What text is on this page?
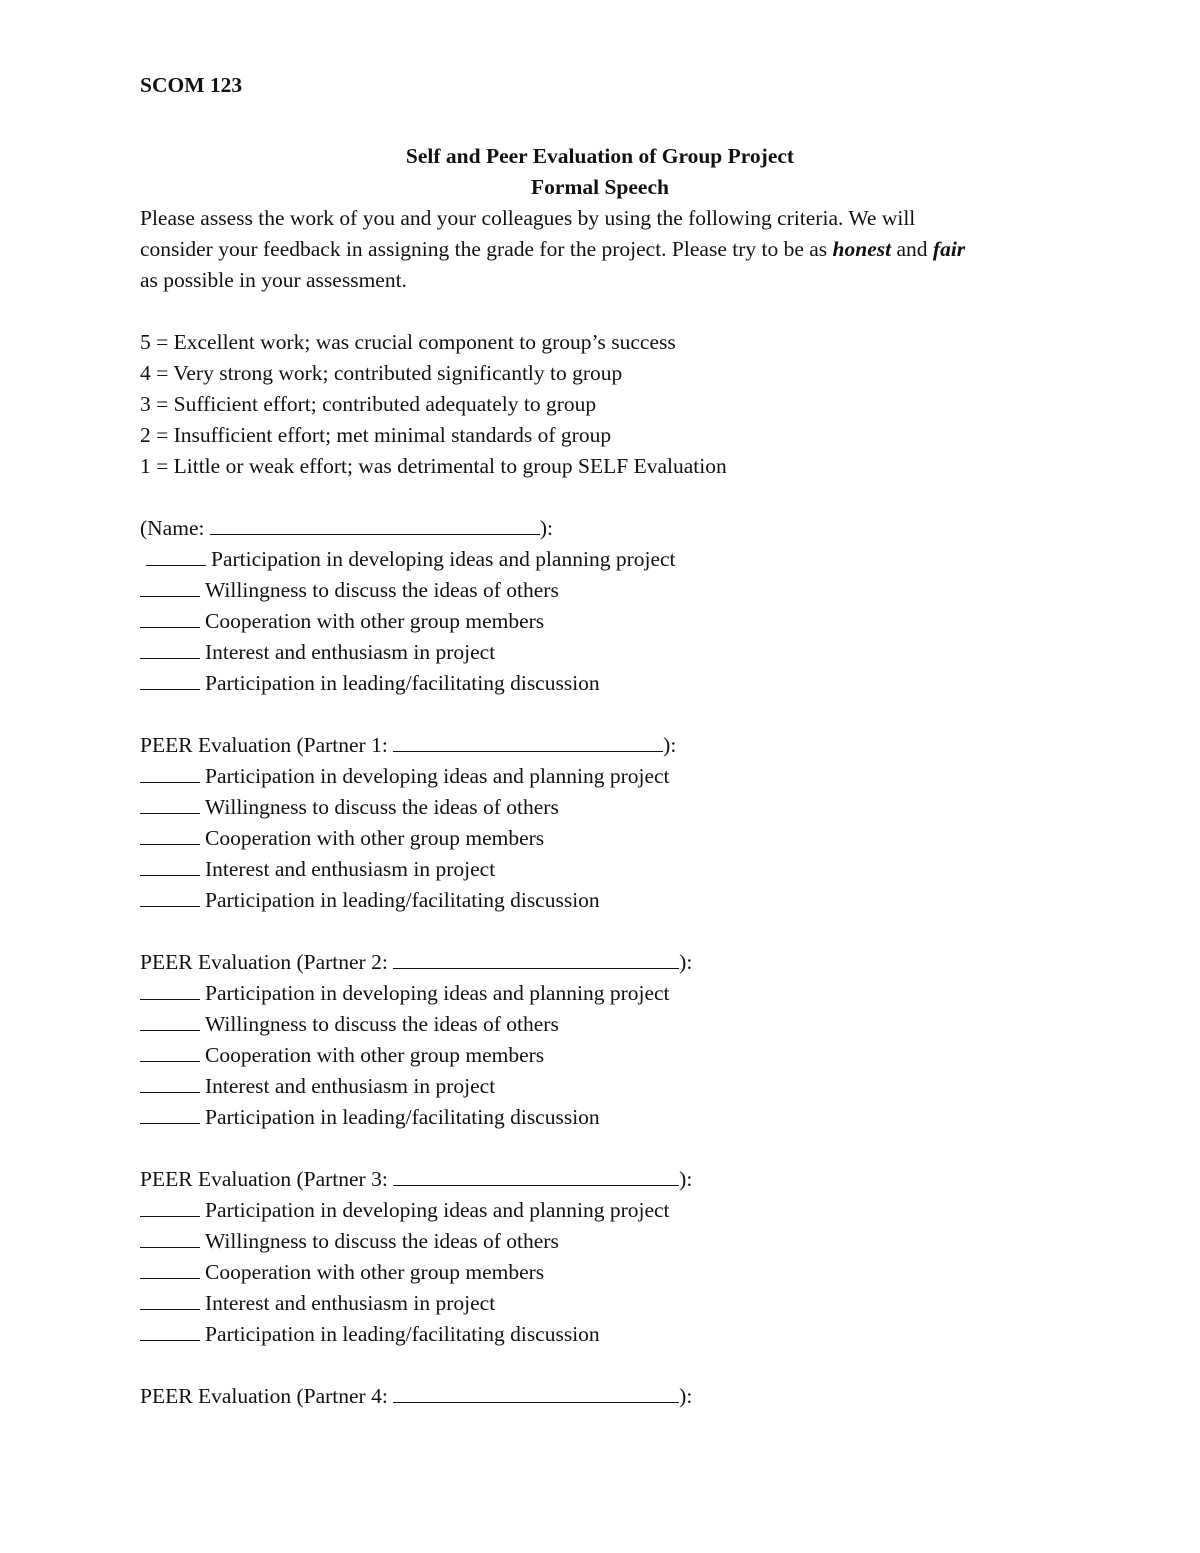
SCOM 123
Self and Peer Evaluation of Group Project
Formal Speech
Please assess the work of you and your colleagues by using the following criteria. We will
consider your feedback in assigning the grade for the project. Please try to be as honest and fair
as possible in your assessment.
5 = Excellent work; was crucial component to group’s success
4 = Very strong work; contributed significantly to group
3 = Sufficient effort; contributed adequately to group
2 = Insufficient effort; met minimal standards of group
1 = Little or weak effort; was detrimental to group SELF Evaluation
(Name:	):
Participation in developing ideas and planning project
Willingness to discuss the ideas of others
Cooperation with other group members
Interest and enthusiasm in project
Participation in leading/facilitating discussion
PEER Evaluation (Partner 1:	):
Participation in developing ideas and planning project
Willingness to discuss the ideas of others
Cooperation with other group members
Interest and enthusiasm in project
Participation in leading/facilitating discussion
PEER Evaluation (Partner 2:	):
Participation in developing ideas and planning project
Willingness to discuss the ideas of others
Cooperation with other group members
Interest and enthusiasm in project
Participation in leading/facilitating discussion
PEER Evaluation (Partner 3:	):
Participation in developing ideas and planning project
Willingness to discuss the ideas of others
Cooperation with other group members
Interest and enthusiasm in project
Participation in leading/facilitating discussion
PEER Evaluation (Partner 4:	):
